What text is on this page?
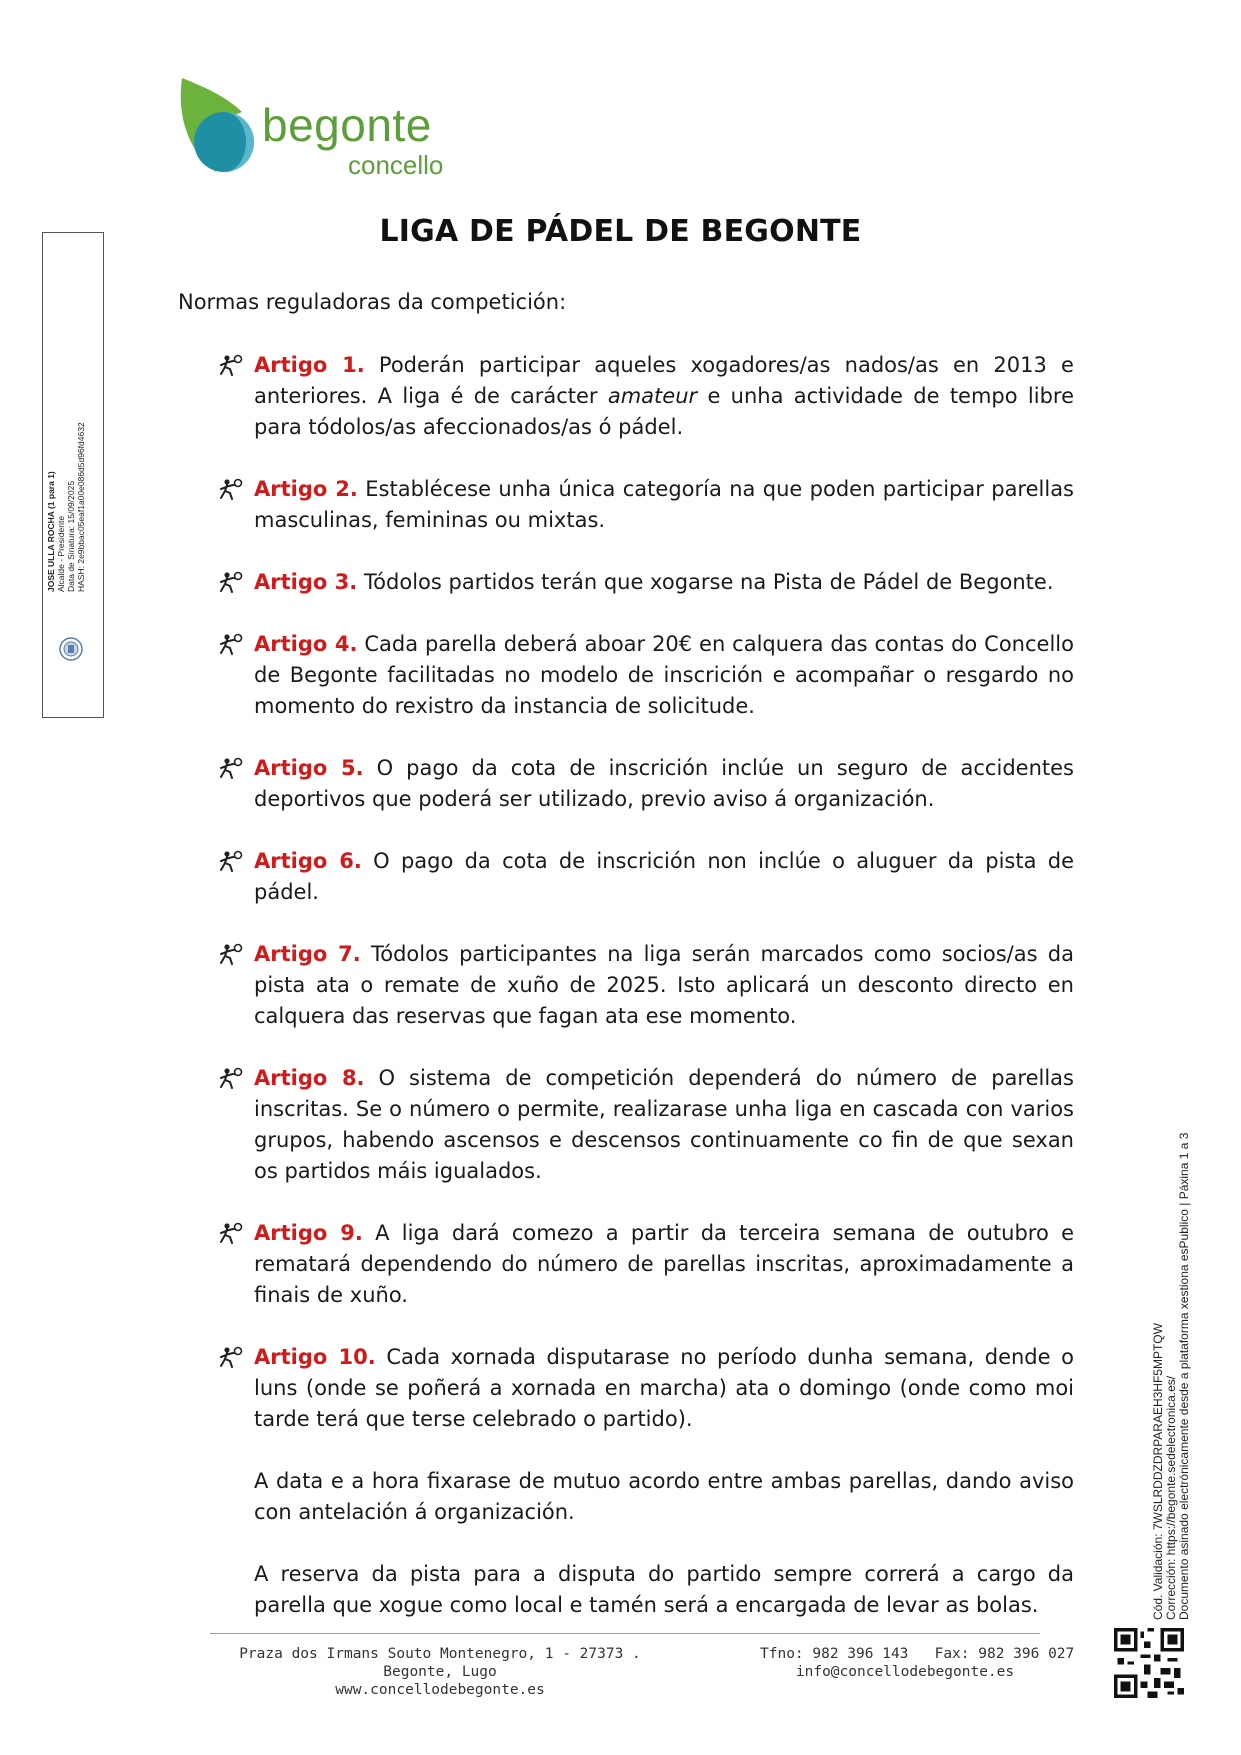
begonte
concello
LIGA DE PÁDEL DE BEGONTE
Normas reguladoras da competición:

Artigo 1. Poderán participar aqueles xogadores/as nados/as en 2013 e anteriores. A liga é de carácter amateur e unha actividade de tempo libre para tódolos/as afeccionados/as ó pádel.

Artigo 2. Establécese unha única categoría na que poden participar parellas masculinas, femininas ou mixtas.

Artigo 3. Tódolos partidos terán que xogarse na Pista de Pádel de Begonte.

Artigo 4. Cada parella deberá aboar 20€ en calquera das contas do Concello de Begonte facilitadas no modelo de inscrición e acompañar o resgardo no momento do rexistro da instancia de solicitude.

Artigo 5. O pago da cota de inscrición inclúe un seguro de accidentes deportivos que poderá ser utilizado, previo aviso á organización.

Artigo 6. O pago da cota de inscrición non inclúe o aluguer da pista de pádel.

Artigo 7. Tódolos participantes na liga serán marcados como socios/as da pista ata o remate de xuño de 2025. Isto aplicará un desconto directo en calquera das reservas que fagan ata ese momento.

Artigo 8. O sistema de competición dependerá do número de parellas inscritas. Se o número o permite, realizarase unha liga en cascada con varios grupos, habendo ascensos e descensos continuamente co fin de que sexan os partidos máis igualados.

Artigo 9. A liga dará comezo a partir da terceira semana de outubro e rematará dependendo do número de parellas inscritas, aproximadamente a finais de xuño.

Artigo 10. Cada xornada disputarase no período dunha semana, dende o luns (onde se poñerá a xornada en marcha) ata o domingo (onde como moi tarde terá que terse celebrado o partido).

A data e a hora fixarase de mutuo acordo entre ambas parellas, dando aviso con antelación á organización.

A reserva da pista para a disputa do partido sempre correrá a cargo da parella que xogue como local e tamén será a encargada de levar as bolas.

JOSE ULLA ROCHA (1 para 1) Alcalde - Presidente Data de Sinatura: 15/09/2025 HASH: 2e9bbac05eaf1a00e086d5d96fd4632
Cód. Validación: 7WSLRDDZDRPARAEH3HF5MPTQW Corrección: https://begonte.sedelectronica.es/ Documento asinado electrónicamente desde a plataforma xestiona esPublico | Páxina 1 a 3
Praza dos Irmans Souto Montenegro, 1 - 27373 . Begonte, Lugo
www.concellodebegonte.es
Tfno: 982 396 143   Fax: 982 396 027
info@concellodebegonte.es
